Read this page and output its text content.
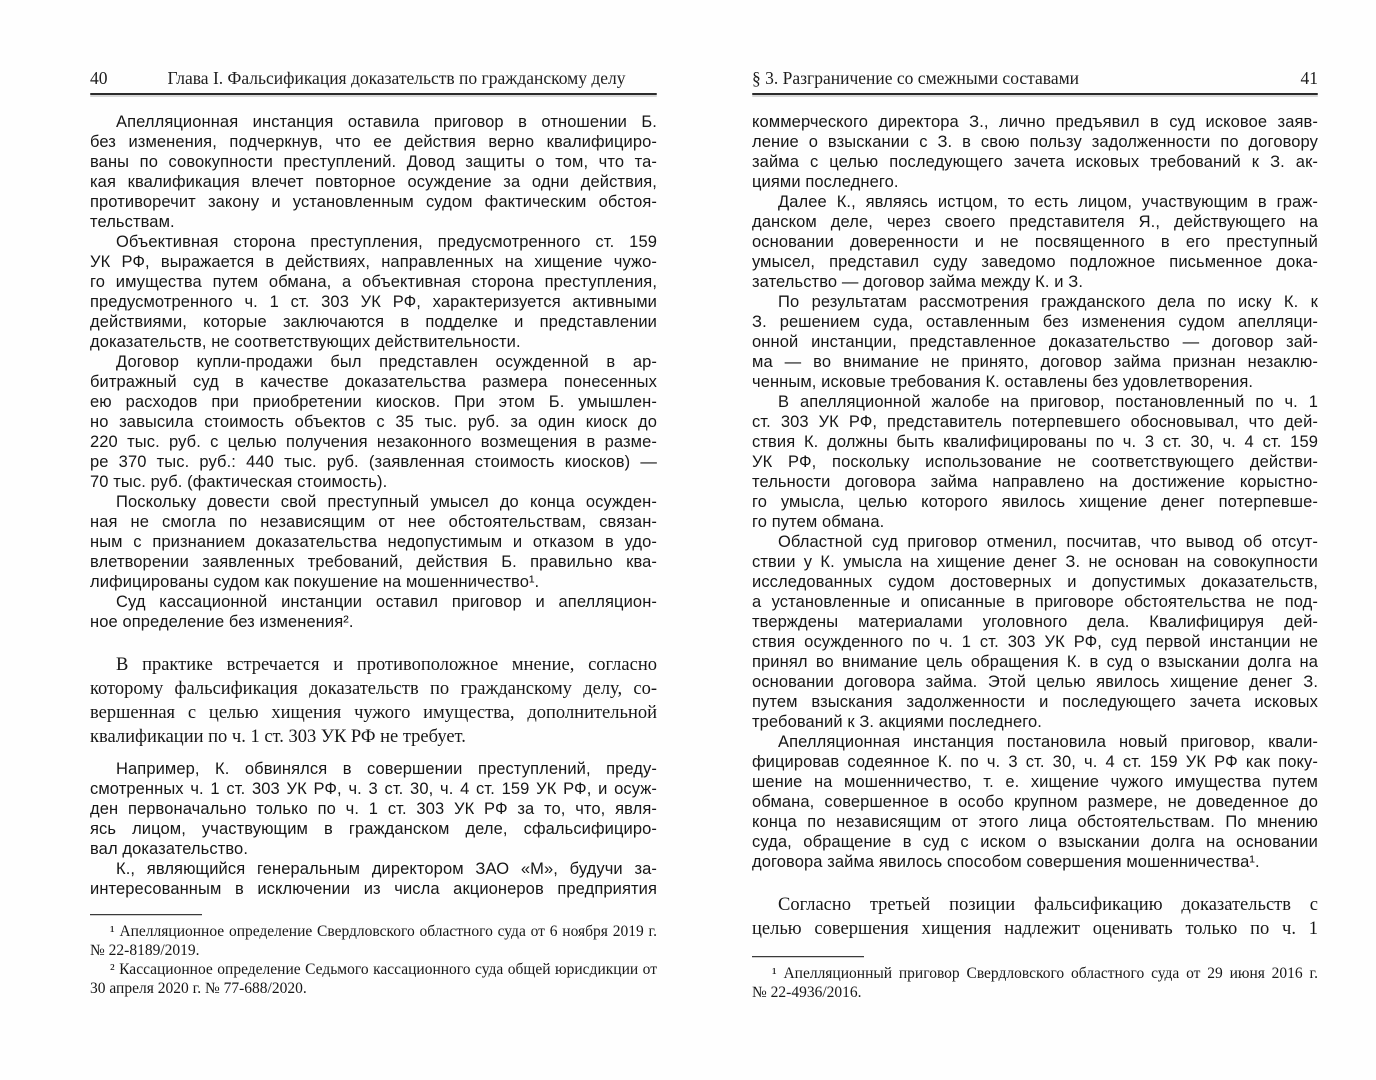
40	Глава I. Фальсификация доказательств по гражданскому делу
Апелляционная инстанция оставила приговор в отношении Б.
без изменения, подчеркнув, что ее действия верно квалифициро-
ваны по совокупности преступлений. Довод защиты о том, что та-
кая квалификация влечет повторное осуждение за одни действия,
противоречит закону и установленным судом фактическим обстоя-
тельствам.
Объективная сторона преступления, предусмотренного ст. 159
УК РФ, выражается в действиях, направленных на хищение чужо-
го имущества путем обмана, а объективная сторона преступления,
предусмотренного ч. 1 ст. 303 УК РФ, характеризуется активными
действиями, которые заключаются в подделке и представлении
доказательств, не соответствующих действительности.
Договор купли-продажи был представлен осужденной в ар-
битражный суд в качестве доказательства размера понесенных
ею расходов при приобретении киосков. При этом Б. умышлен-
но завысила стоимость объектов с 35 тыс. руб. за один киоск до
220 тыс. руб. с целью получения незаконного возмещения в разме-
ре 370 тыс. руб.: 440 тыс. руб. (заявленная стоимость киосков) —
70 тыс. руб. (фактическая стоимость).
Поскольку довести свой преступный умысел до конца осужден-
ная не смогла по независящим от нее обстоятельствам, связан-
ным с признанием доказательства недопустимым и отказом в удо-
влетворении заявленных требований, действия Б. правильно ква-
лифицированы судом как покушение на мошенничество¹.
Суд кассационной инстанции оставил приговор и апелляцион-
ное определение без изменения².
В практике встречается и противоположное мнение, согласно
которому фальсификация доказательств по гражданскому делу, со-
вершенная с целью хищения чужого имущества, дополнительной
квалификации по ч. 1 ст. 303 УК РФ не требует.
Например, К. обвинялся в совершении преступлений, преду-
смотренных ч. 1 ст. 303 УК РФ, ч. 3 ст. 30, ч. 4 ст. 159 УК РФ, и осуж-
ден первоначально только по ч. 1 ст. 303 УК РФ за то, что, явля-
ясь лицом, участвующим в гражданском деле, сфальсифициро-
вал доказательство.
К., являющийся генеральным директором ЗАО «М», будучи за-
интересованным в исключении из числа акционеров предприятия
¹ Апелляционное определение Свердловского областного суда от 6 ноября 2019 г.
№ 22-8189/2019.
² Кассационное определение Седьмого кассационного суда общей юрисдикции от
30 апреля 2020 г. № 77-688/2020.
§ 3. Разграничение со смежными составами	41
коммерческого директора З., лично предъявил в суд исковое заяв-
ление о взыскании с З. в свою пользу задолженности по договору
займа с целью последующего зачета исковых требований к З. ак-
циями последнего.
Далее К., являясь истцом, то есть лицом, участвующим в граж-
данском деле, через своего представителя Я., действующего на
основании доверенности и не посвященного в его преступный
умысел, представил суду заведомо подложное письменное дока-
зательство — договор займа между К. и З.
По результатам рассмотрения гражданского дела по иску К. к
З. решением суда, оставленным без изменения судом апелляци-
онной инстанции, представленное доказательство — договор зай-
ма — во внимание не принято, договор займа признан незаклю-
ченным, исковые требования К. оставлены без удовлетворения.
В апелляционной жалобе на приговор, постановленный по ч. 1
ст. 303 УК РФ, представитель потерпевшего обосновывал, что дей-
ствия К. должны быть квалифицированы по ч. 3 ст. 30, ч. 4 ст. 159
УК РФ, поскольку использование не соответствующего действи-
тельности договора займа направлено на достижение корыстно-
го умысла, целью которого явилось хищение денег потерпевше-
го путем обмана.
Областной суд приговор отменил, посчитав, что вывод об отсут-
ствии у К. умысла на хищение денег З. не основан на совокупности
исследованных судом достоверных и допустимых доказательств,
а установленные и описанные в приговоре обстоятельства не под-
тверждены материалами уголовного дела. Квалифицируя дей-
ствия осужденного по ч. 1 ст. 303 УК РФ, суд первой инстанции не
принял во внимание цель обращения К. в суд о взыскании долга на
основании договора займа. Этой целью явилось хищение денег З.
путем взыскания задолженности и последующего зачета исковых
требований к З. акциями последнего.
Апелляционная инстанция постановила новый приговор, квали-
фицировав содеянное К. по ч. 3 ст. 30, ч. 4 ст. 159 УК РФ как поку-
шение на мошенничество, т. е. хищение чужого имущества путем
обмана, совершенное в особо крупном размере, не доведенное до
конца по независящим от этого лица обстоятельствам. По мнению
суда, обращение в суд с иском о взыскании долга на основании
договора займа явилось способом совершения мошенничества¹.
Согласно третьей позиции фальсификацию доказательств с
целью совершения хищения надлежит оценивать только по ч. 1
¹ Апелляционный приговор Свердловского областного суда от 29 июня 2016 г.
№ 22-4936/2016.
